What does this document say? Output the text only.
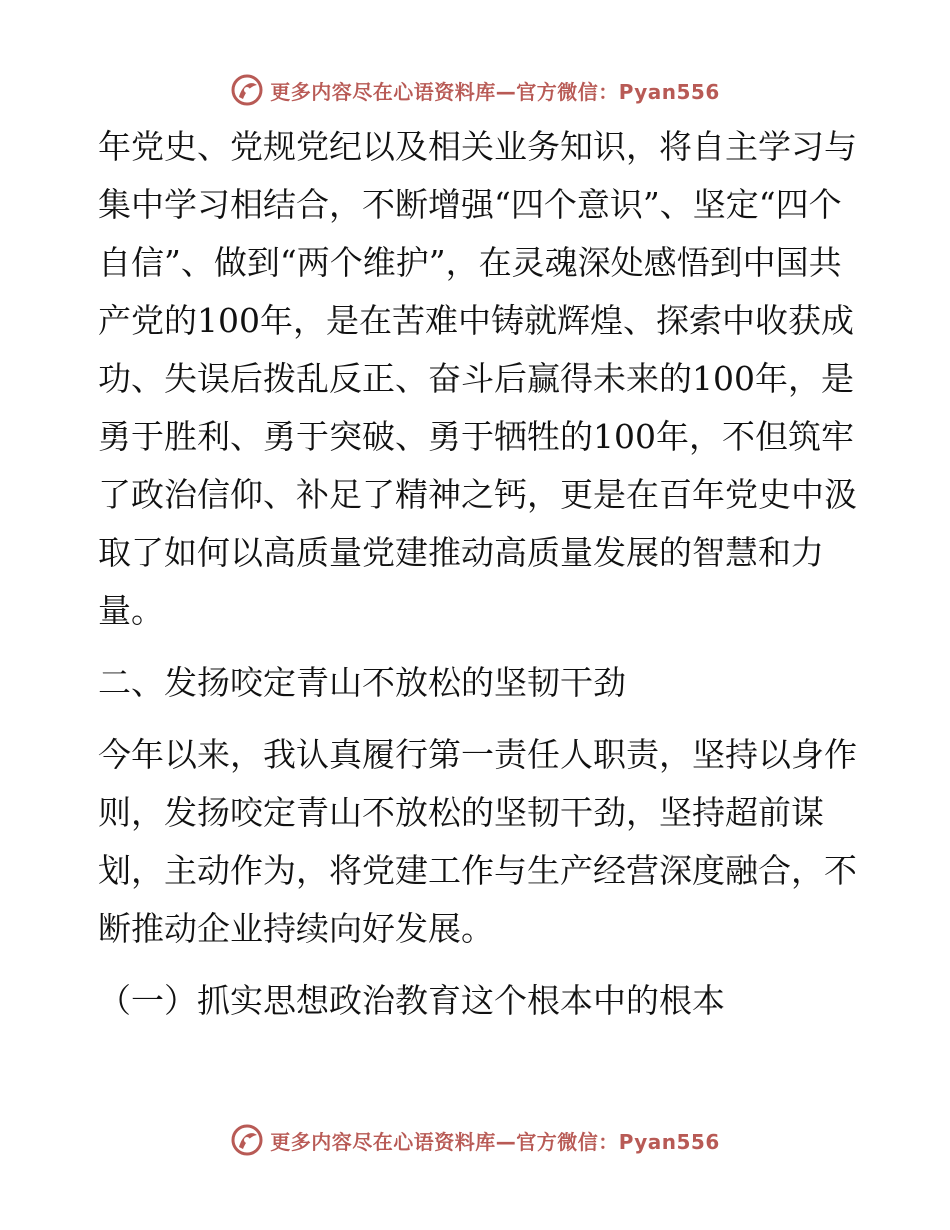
更多内容尽在心语资料库—官方微信：Pyan556

年党史、党规党纪以及相关业务知识，将自主学习与集中学习相结合，不断增强“四个意识”、坚定“四个自信”、做到“两个维护”，在灵魂深处感悟到中国共产党的100年，是在苦难中铸就辉煌、探索中收获成功、失误后拨乱反正、奋斗后赢得未来的100年，是勇于胜利、勇于突破、勇于牺牲的100年，不但筑牢了政治信仰、补足了精神之钙，更是在百年党史中汲取了如何以高质量党建推动高质量发展的智慧和力量。

二、发扬咬定青山不放松的坚韧干劲

今年以来，我认真履行第一责任人职责，坚持以身作则，发扬咬定青山不放松的坚韧干劲，坚持超前谋划，主动作为，将党建工作与生产经营深度融合，不断推动企业持续向好发展。

（一）抓实思想政治教育这个根本中的根本

更多内容尽在心语资料库—官方微信：Pyan556
